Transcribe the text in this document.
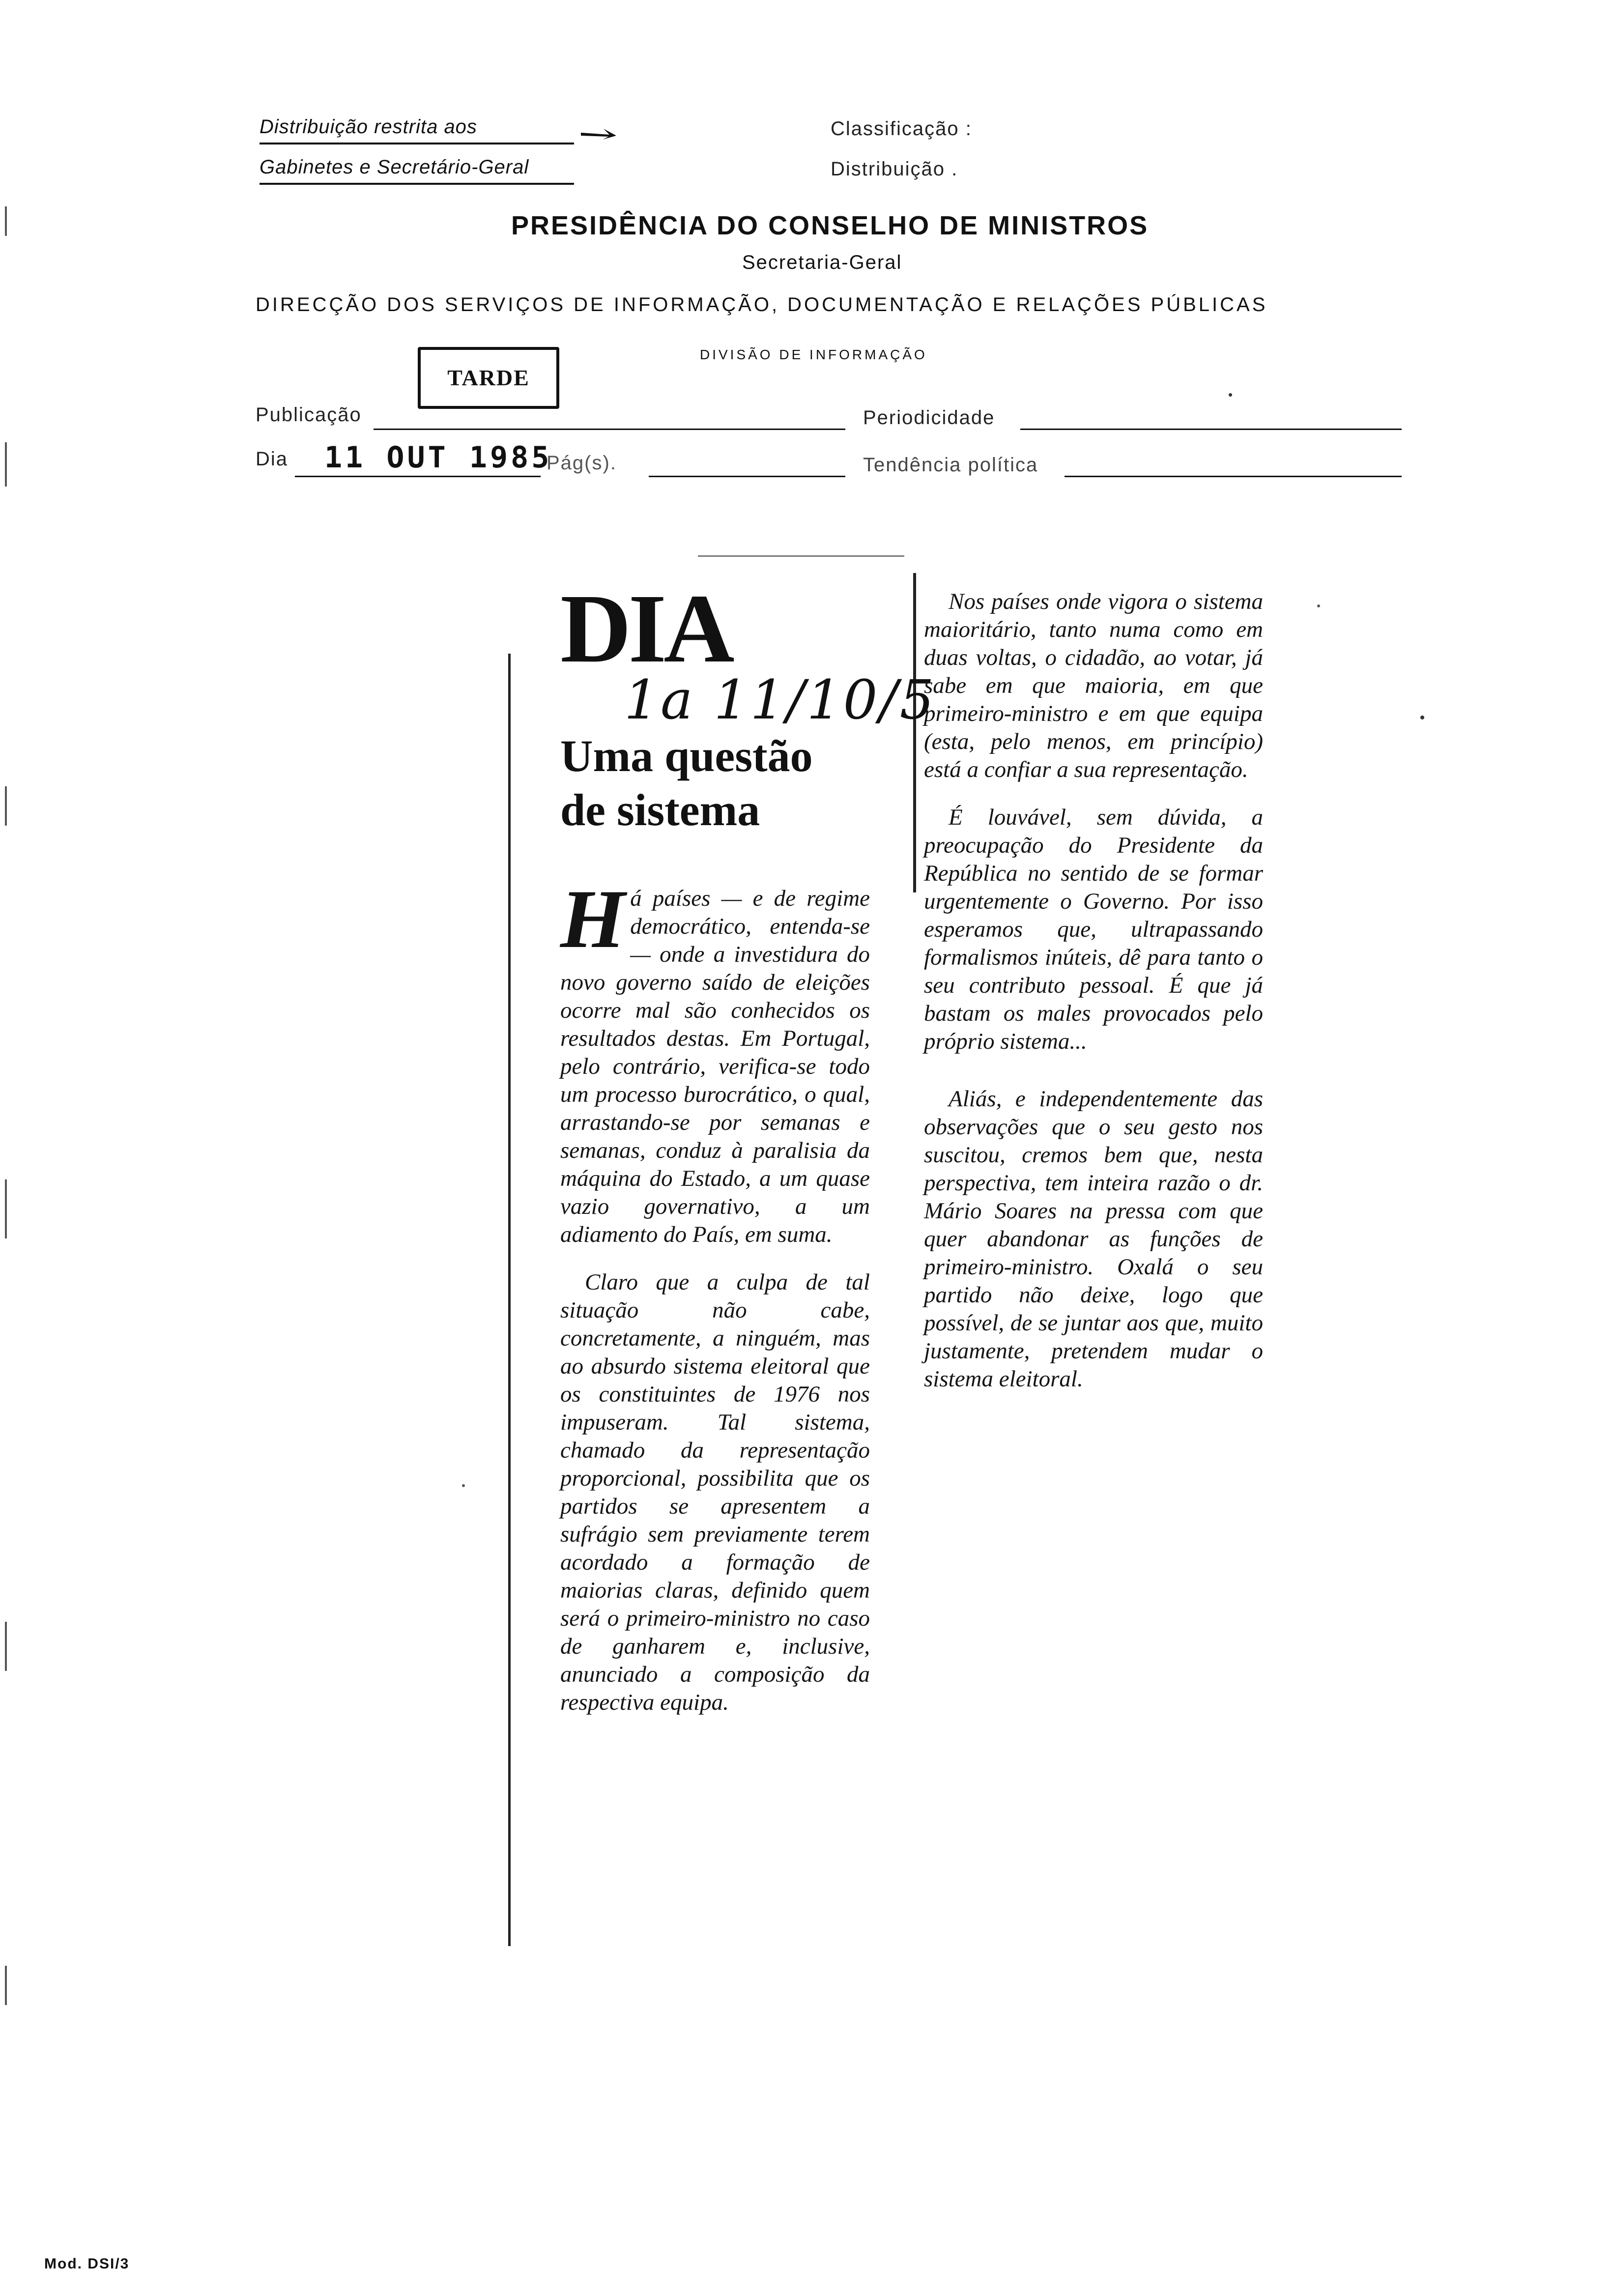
Distribuição restrita aos
Gabinetes e Secretário-Geral
Classificação :
Distribuição .
PRESIDÊNCIA DO CONSELHO DE MINISTROS
Secretaria-Geral
DIRECÇÃO DOS SERVIÇOS DE INFORMAÇÃO, DOCUMENTAÇÃO E RELAÇÕES PÚBLICAS
DIVISÃO DE INFORMAÇÃO
TARDE
Publicação	Periodicidade
Dia 11 OUT 1985
Pág(s).	Tendência política
DIA
1a 11/10/5
Uma questão
de sistema

Há países — e de regime democrático, entenda-se — onde a investidura do novo governo saído de eleições ocorre mal são conhecidos os resultados destas. Em Portugal, pelo contrário, verifica-se todo um processo burocrático, o qual, arrastando-se por semanas e semanas, conduz à paralisia da máquina do Estado, a um quase vazio governativo, a um adiamento do País, em suma.

Claro que a culpa de tal situação não cabe, concretamente, a ninguém, mas ao absurdo sistema eleitoral que os constituintes de 1976 nos impuseram. Tal sistema, chamado da representação proporcional, possibilita que os partidos se apresentem a sufrágio sem previamente terem acordado a formação de maiorias claras, definido quem será o primeiro-ministro no caso de ganharem e, inclusive, anunciado a composição da respectiva equipa.

Nos países onde vigora o sistema maioritário, tanto numa como em duas voltas, o cidadão, ao votar, já sabe em que maioria, em que primeiro-ministro e em que equipa (esta, pelo menos, em princípio) está a confiar a sua representação.

É louvável, sem dúvida, a preocupação do Presidente da República no sentido de se formar urgentemente o Governo. Por isso esperamos que, ultrapassando formalismos inúteis, dê para tanto o seu contributo pessoal. É que já bastam os males provocados pelo próprio sistema...

Aliás, e independentemente das observações que o seu gesto nos suscitou, cremos bem que, nesta perspectiva, tem inteira razão o dr. Mário Soares na pressa com que quer abandonar as funções de primeiro-ministro. Oxalá o seu partido não deixe, logo que possível, de se juntar aos que, muito justamente, pretendem mudar o sistema eleitoral.

Mod. DSI/3
